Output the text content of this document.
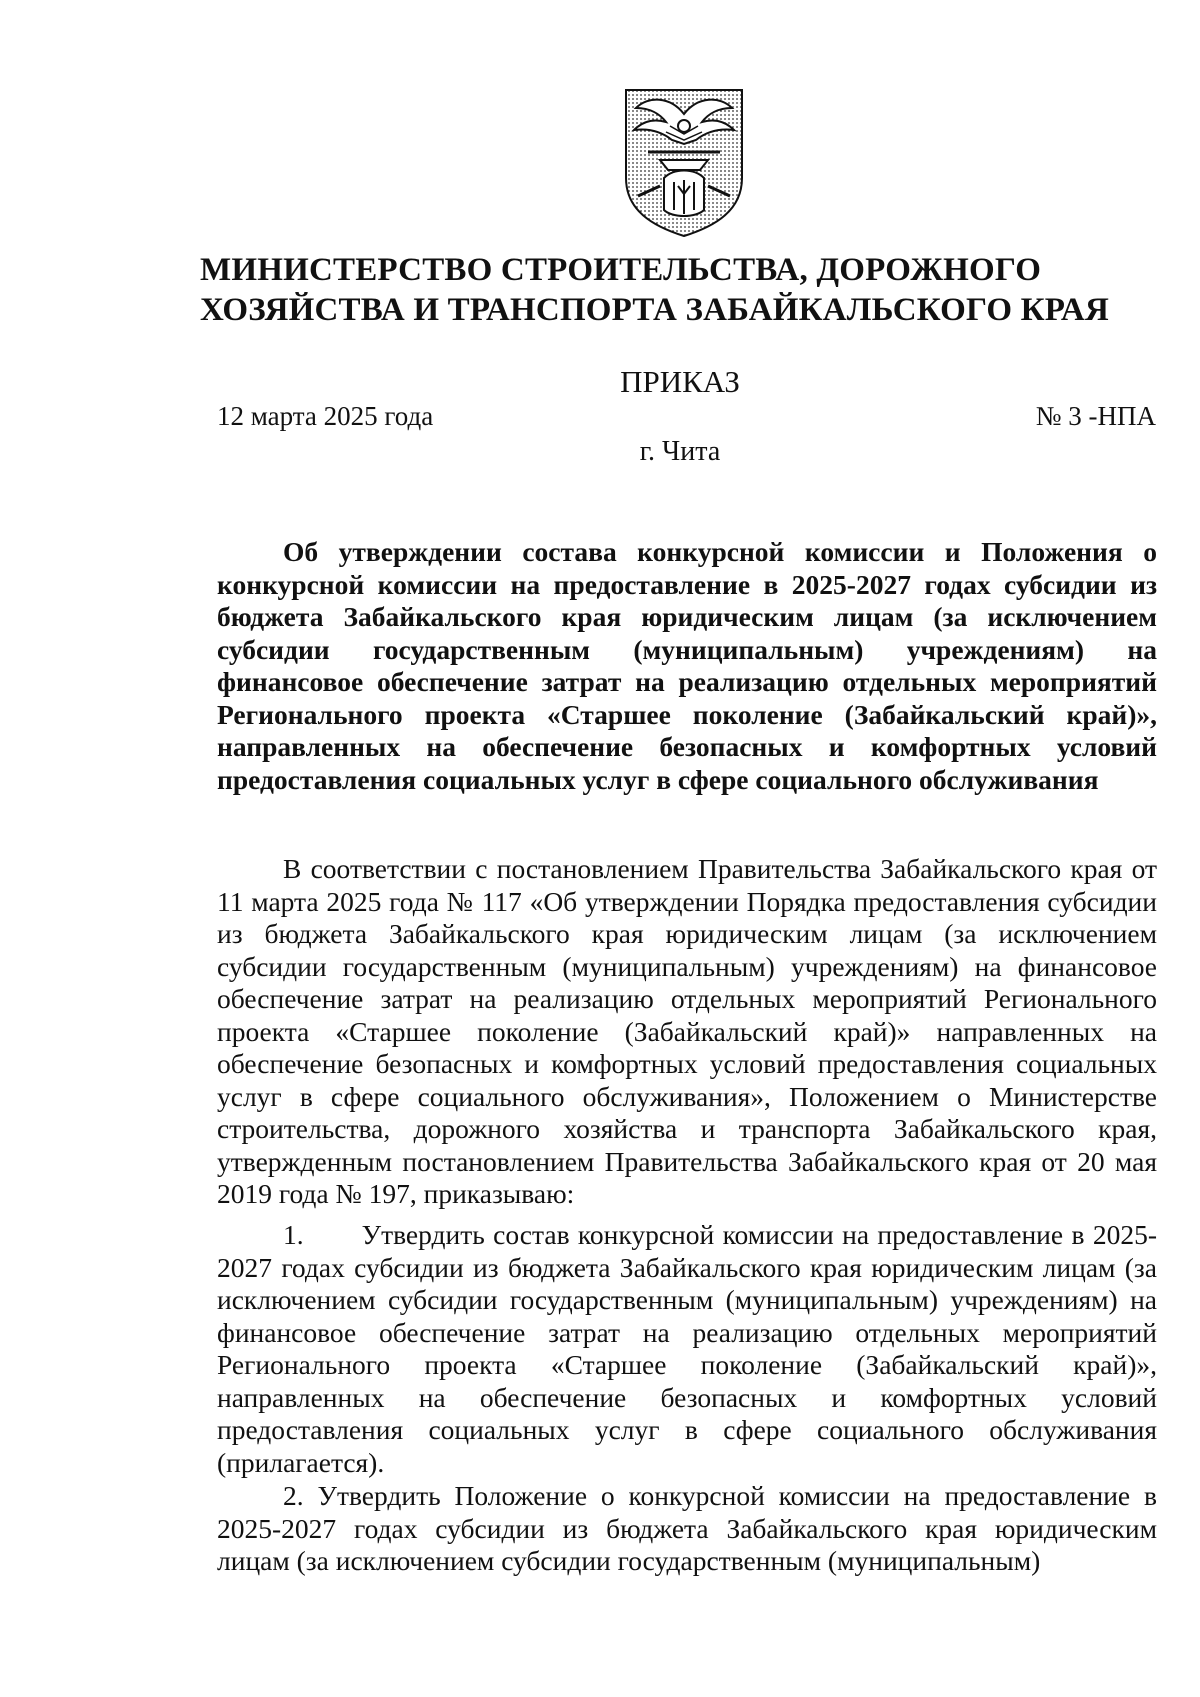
МИНИСТЕРСТВО СТРОИТЕЛЬСТВА, ДОРОЖНОГО
ХОЗЯЙСТВА И ТРАНСПОРТА ЗАБАЙКАЛЬСКОГО КРАЯ
ПРИКАЗ
12 марта 2025 года	№ 3 -НПА
г. Чита
Об утверждении состава конкурсной комиссии и Положения о конкурсной комиссии на предоставление в 2025-2027 годах субсидии из бюджета Забайкальского края юридическим лицам (за исключением субсидии государственным (муниципальным) учреждениям) на финансовое обеспечение затрат на реализацию отдельных мероприятий Регионального проекта «Старшее поколение (Забайкальский край)», направленных на обеспечение безопасных и комфортных условий предоставления социальных услуг в сфере социального обслуживания
В соответствии с постановлением Правительства Забайкальского края от 11 марта 2025 года № 117 «Об утверждении Порядка предоставления субсидии из бюджета Забайкальского края юридическим лицам (за исключением субсидии государственным (муниципальным) учреждениям) на финансовое обеспечение затрат на реализацию отдельных мероприятий Регионального проекта «Старшее поколение (Забайкальский край)» направленных на обеспечение безопасных и комфортных условий предоставления социальных услуг в сфере социального обслуживания», Положением о Министерстве строительства, дорожного хозяйства и транспорта Забайкальского края, утвержденным постановлением Правительства Забайкальского края от 20 мая 2019 года № 197, приказываю:
1. Утвердить состав конкурсной комиссии на предоставление в 2025-2027 годах субсидии из бюджета Забайкальского края юридическим лицам (за исключением субсидии государственным (муниципальным) учреждениям) на финансовое обеспечение затрат на реализацию отдельных мероприятий Регионального проекта «Старшее поколение (Забайкальский край)», направленных на обеспечение безопасных и комфортных условий предоставления социальных услуг в сфере социального обслуживания (прилагается).
2. Утвердить Положение о конкурсной комиссии на предоставление в 2025-2027 годах субсидии из бюджета Забайкальского края юридическим лицам (за исключением субсидии государственным (муниципальным)
